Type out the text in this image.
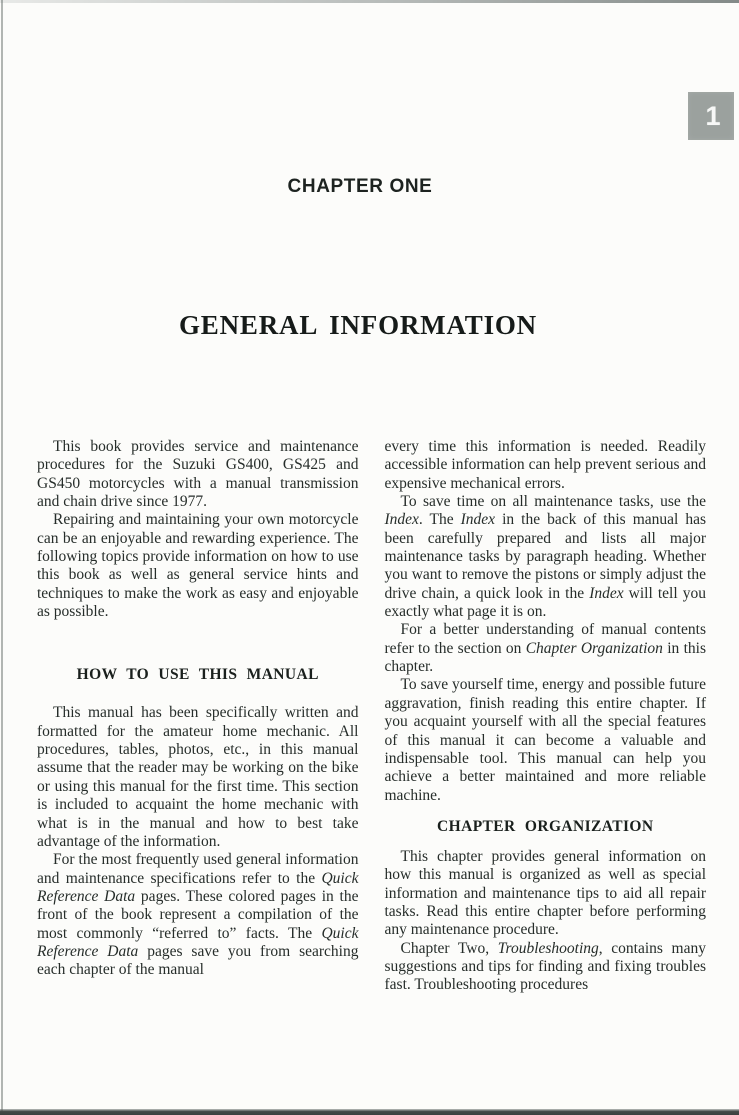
1
CHAPTER ONE
GENERAL INFORMATION
This book provides service and maintenance procedures for the Suzuki GS400, GS425 and GS450 motorcycles with a manual transmission and chain drive since 1977.
Repairing and maintaining your own motorcycle can be an enjoyable and rewarding experience. The following topics provide information on how to use this book as well as general service hints and techniques to make the work as easy and enjoyable as possible.
HOW TO USE THIS MANUAL
This manual has been specifically written and formatted for the amateur home mechanic. All procedures, tables, photos, etc., in this manual assume that the reader may be working on the bike or using this manual for the first time. This section is included to acquaint the home mechanic with what is in the manual and how to best take advantage of the information.
For the most frequently used general information and maintenance specifications refer to the Quick Reference Data pages. These colored pages in the front of the book represent a compilation of the most commonly “referred to” facts. The Quick Reference Data pages save you from searching each chapter of the manual
every time this information is needed. Readily accessible information can help prevent serious and expensive mechanical errors.
To save time on all maintenance tasks, use the Index. The Index in the back of this manual has been carefully prepared and lists all major maintenance tasks by paragraph heading. Whether you want to remove the pistons or simply adjust the drive chain, a quick look in the Index will tell you exactly what page it is on.
For a better understanding of manual contents refer to the section on Chapter Organization in this chapter.
To save yourself time, energy and possible future aggravation, finish reading this entire chapter. If you acquaint yourself with all the special features of this manual it can become a valuable and indispensable tool. This manual can help you achieve a better maintained and more reliable machine.
CHAPTER ORGANIZATION
This chapter provides general information on how this manual is organized as well as special information and maintenance tips to aid all repair tasks. Read this entire chapter before performing any maintenance procedure.
Chapter Two, Troubleshooting, contains many suggestions and tips for finding and fixing troubles fast. Troubleshooting procedures
